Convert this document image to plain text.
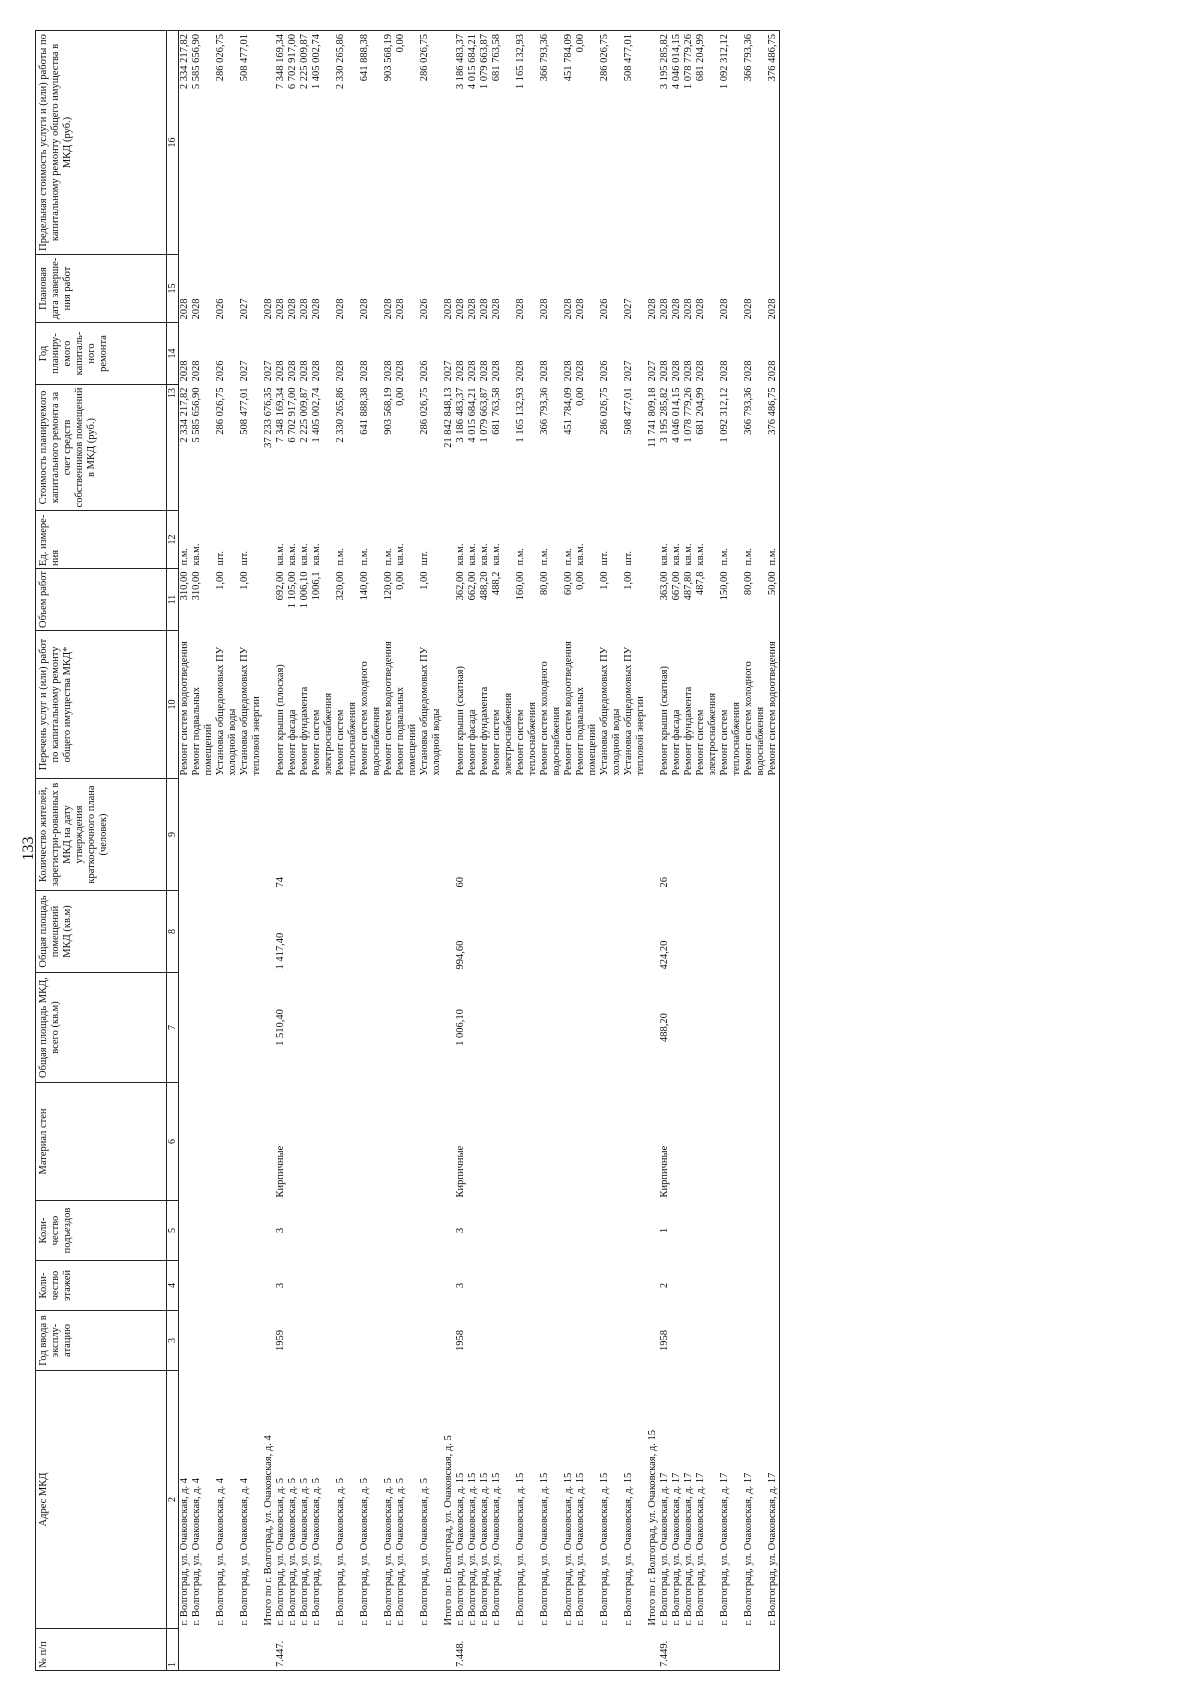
133
№ п/п	Адрес МКД	Год ввода в эксплу-атацию	Коли-чество этажей	Коли-чество подъездов	Материал стен	Общая площадь МКД, всего (кв.м)	Общая площадь помещений МКД (кв.м)	Количество жителей, зарегистри-рованных в МКД на дату утверждения краткосрочного плана (человек)	Перечень услуг и (или) работ по капитальному ремонту общего имущества МКД*	Объем работ	Ед. измере-ния	Стоимость планируемого капитального ремонта за счет средств собственников помещений в МКД (руб.)	Год планиру-емого капиталь-ного ремонта	Плановая дата заверше-ния работ	Предельная стоимость услуги и (или) работы по капитальному ремонту общего имущества в МКД (руб.)
1	2	3	4	5	6	7	8	9	10	11	12	13	14	15	16
	г. Волгоград, ул. Очаковская, д. 4								Ремонт систем водоотведения	310,00	п.м.	2 334 217,82	2028	2028	2 334 217,82
	г. Волгоград, ул. Очаковская, д. 4								Ремонт подвальных помещений	310,00	кв.м.	5 585 656,90	2028	2028	5 585 656,90
	г. Волгоград, ул. Очаковская, д. 4								Установка общедомовых ПУ холодной воды	1,00	шт.	286 026,75	2026	2026	286 026,75
	г. Волгоград, ул. Очаковская, д. 4								Установка общедомовых ПУ тепловой энергии	1,00	шт.	508 477,01	2027	2027	508 477,01
	Итого по г. Волгоград, ул. Очаковская, д. 4											37 233 676,35	2027	2028	
7.447.	г. Волгоград, ул. Очаковская, д. 5	1959	3	3	Кирпичные	1 510,40	1 417,40	74	Ремонт крыши (плоская)	692,00	кв.м.	7 348 169,34	2028	2028	7 348 169,34
	г. Волгоград, ул. Очаковская, д. 5								Ремонт фасада	1 105,00	кв.м.	6 702 917,00	2028	2028	6 702 917,00
	г. Волгоград, ул. Очаковская, д. 5								Ремонт фундамента	1 006,10	кв.м.	2 225 009,87	2028	2028	2 225 009,87
	г. Волгоград, ул. Очаковская, д. 5								Ремонт систем электроснабжения	1006,1	кв.м.	1 405 002,74	2028	2028	1 405 002,74
	г. Волгоград, ул. Очаковская, д. 5								Ремонт систем теплоснабжения	320,00	п.м.	2 330 265,86	2028	2028	2 330 265,86
	г. Волгоград, ул. Очаковская, д. 5								Ремонт систем холодного водоснабжения	140,00	п.м.	641 888,38	2028	2028	641 888,38
	г. Волгоград, ул. Очаковская, д. 5								Ремонт систем водоотведения	120,00	п.м.	903 568,19	2028	2028	903 568,19
	г. Волгоград, ул. Очаковская, д. 5								Ремонт подвальных помещений	0,00	кв.м.	0,00	2028	2028	0,00
	г. Волгоград, ул. Очаковская, д. 5								Установка общедомовых ПУ холодной воды	1,00	шт.	286 026,75	2026	2026	286 026,75
	Итого по г. Волгоград, ул. Очаковская, д. 5											21 842 848,13	2027	2028	
7.448.	г. Волгоград, ул. Очаковская, д. 15	1958	3	3	Кирпичные	1 006,10	994,60	60	Ремонт крыши (скатная)	362,00	кв.м.	3 186 483,37	2028	2028	3 186 483,37
	г. Волгоград, ул. Очаковская, д. 15								Ремонт фасада	662,00	кв.м.	4 015 684,21	2028	2028	4 015 684,21
	г. Волгоград, ул. Очаковская, д. 15								Ремонт фундамента	488,20	кв.м.	1 079 663,87	2028	2028	1 079 663,87
	г. Волгоград, ул. Очаковская, д. 15								Ремонт систем электроснабжения	488,2	кв.м.	681 763,58	2028	2028	681 763,58
	г. Волгоград, ул. Очаковская, д. 15								Ремонт систем теплоснабжения	160,00	п.м.	1 165 132,93	2028	2028	1 165 132,93
	г. Волгоград, ул. Очаковская, д. 15								Ремонт систем холодного водоснабжения	80,00	п.м.	366 793,36	2028	2028	366 793,36
	г. Волгоград, ул. Очаковская, д. 15								Ремонт систем водоотведения	60,00	п.м.	451 784,09	2028	2028	451 784,09
	г. Волгоград, ул. Очаковская, д. 15								Ремонт подвальных помещений	0,00	кв.м.	0,00	2028	2028	0,00
	г. Волгоград, ул. Очаковская, д. 15								Установка общедомовых ПУ холодной воды	1,00	шт.	286 026,75	2026	2026	286 026,75
	г. Волгоград, ул. Очаковская, д. 15								Установка общедомовых ПУ тепловой энергии	1,00	шт.	508 477,01	2027	2027	508 477,01
	Итого по г. Волгоград, ул. Очаковская, д. 15											11 741 809,18	2027	2028	
7.449.	г. Волгоград, ул. Очаковская, д. 17	1958	2	1	Кирпичные	488,20	424,20	26	Ремонт крыши (скатная)	363,00	кв.м.	3 195 285,82	2028	2028	3 195 285,82
	г. Волгоград, ул. Очаковская, д. 17								Ремонт фасада	667,00	кв.м.	4 046 014,15	2028	2028	4 046 014,15
	г. Волгоград, ул. Очаковская, д. 17								Ремонт фундамента	487,80	кв.м.	1 078 779,26	2028	2028	1 078 779,26
	г. Волгоград, ул. Очаковская, д. 17								Ремонт систем электроснабжения	487,8	кв.м.	681 204,99	2028	2028	681 204,99
	г. Волгоград, ул. Очаковская, д. 17								Ремонт систем теплоснабжения	150,00	п.м.	1 092 312,12	2028	2028	1 092 312,12
	г. Волгоград, ул. Очаковская, д. 17								Ремонт систем холодного водоснабжения	80,00	п.м.	366 793,36	2028	2028	366 793,36
	г. Волгоград, ул. Очаковская, д. 17								Ремонт систем водоотведения	50,00	п.м.	376 486,75	2028	2028	376 486,75
